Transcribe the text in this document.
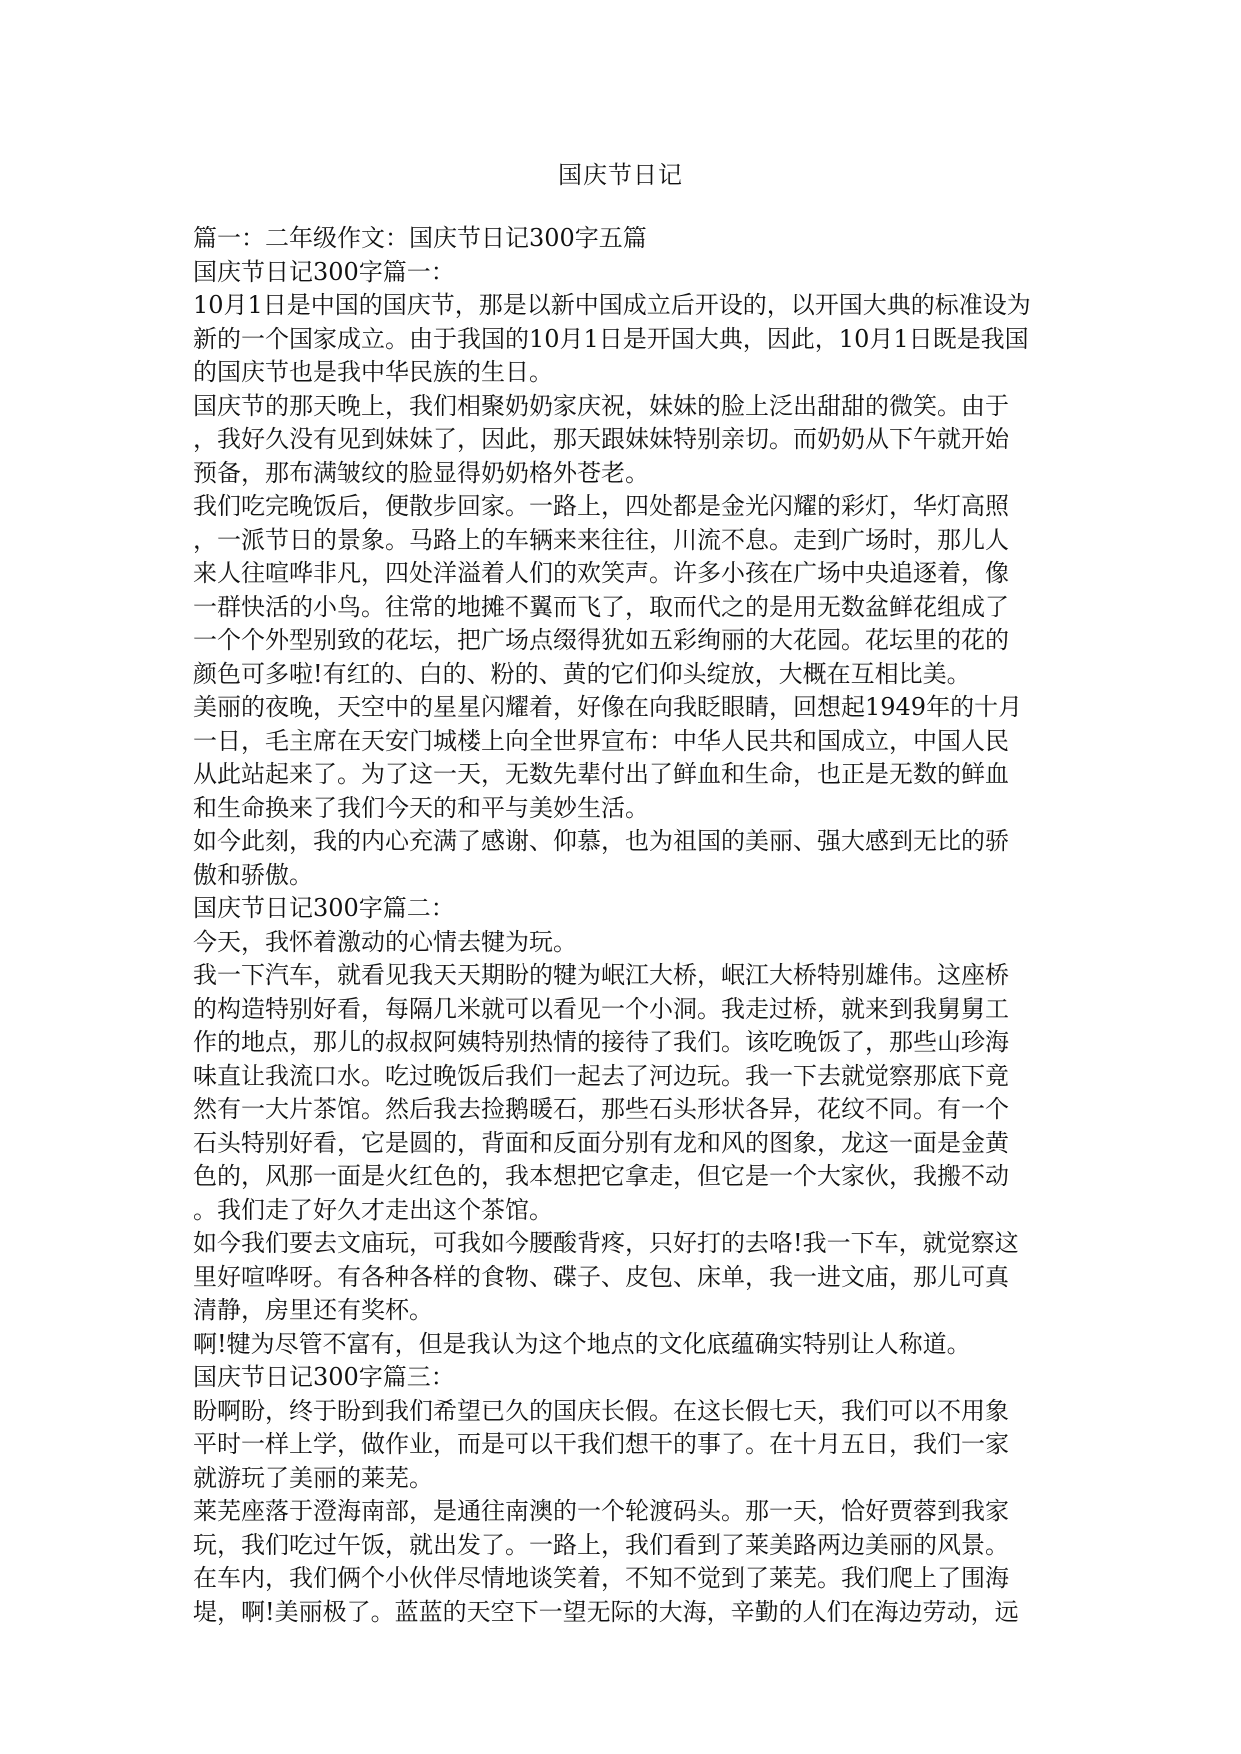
国庆节日记
篇一：二年级作文：国庆节日记300字五篇
国庆节日记300字篇一：
10月1日是中国的国庆节，那是以新中国成立后开设的，以开国大典的标准设为
新的一个国家成立。由于我国的10月1日是开国大典，因此，10月1日既是我国
的国庆节也是我中华民族的生日。
国庆节的那天晚上，我们相聚奶奶家庆祝，妹妹的脸上泛出甜甜的微笑。由于
，我好久没有见到妹妹了，因此，那天跟妹妹特别亲切。而奶奶从下午就开始
预备，那布满皱纹的脸显得奶奶格外苍老。
我们吃完晚饭后，便散步回家。一路上，四处都是金光闪耀的彩灯，华灯高照
，一派节日的景象。马路上的车辆来来往往，川流不息。走到广场时，那儿人
来人往喧哗非凡，四处洋溢着人们的欢笑声。许多小孩在广场中央追逐着，像
一群快活的小鸟。往常的地摊不翼而飞了，取而代之的是用无数盆鲜花组成了
一个个外型别致的花坛，把广场点缀得犹如五彩绚丽的大花园。花坛里的花的
颜色可多啦!有红的、白的、粉的、黄的它们仰头绽放，大概在互相比美。
美丽的夜晚，天空中的星星闪耀着，好像在向我眨眼睛，回想起1949年的十月
一日，毛主席在天安门城楼上向全世界宣布：中华人民共和国成立，中国人民
从此站起来了。为了这一天，无数先辈付出了鲜血和生命，也正是无数的鲜血
和生命换来了我们今天的和平与美妙生活。
如今此刻，我的内心充满了感谢、仰慕，也为祖国的美丽、强大感到无比的骄
傲和骄傲。
国庆节日记300字篇二：
今天，我怀着激动的心情去犍为玩。
我一下汽车，就看见我天天期盼的犍为岷江大桥，岷江大桥特别雄伟。这座桥
的构造特别好看，每隔几米就可以看见一个小洞。我走过桥，就来到我舅舅工
作的地点，那儿的叔叔阿姨特别热情的接待了我们。该吃晚饭了，那些山珍海
味直让我流口水。吃过晚饭后我们一起去了河边玩。我一下去就觉察那底下竟
然有一大片茶馆。然后我去捡鹅暖石，那些石头形状各异，花纹不同。有一个
石头特别好看，它是圆的，背面和反面分别有龙和风的图象，龙这一面是金黄
色的，风那一面是火红色的，我本想把它拿走，但它是一个大家伙，我搬不动
。我们走了好久才走出这个茶馆。
如今我们要去文庙玩，可我如今腰酸背疼，只好打的去咯!我一下车，就觉察这
里好喧哗呀。有各种各样的食物、碟子、皮包、床单，我一进文庙，那儿可真
清静，房里还有奖杯。
啊!犍为尽管不富有，但是我认为这个地点的文化底蕴确实特别让人称道。
国庆节日记300字篇三：
盼啊盼，终于盼到我们希望已久的国庆长假。在这长假七天，我们可以不用象
平时一样上学，做作业，而是可以干我们想干的事了。在十月五日，我们一家
就游玩了美丽的莱芜。
莱芜座落于澄海南部，是通往南澳的一个轮渡码头。那一天，恰好贾蓉到我家
玩，我们吃过午饭，就出发了。一路上，我们看到了莱美路两边美丽的风景。
在车内，我们俩个小伙伴尽情地谈笑着，不知不觉到了莱芜。我们爬上了围海
堤，啊!美丽极了。蓝蓝的天空下一望无际的大海，辛勤的人们在海边劳动，远
